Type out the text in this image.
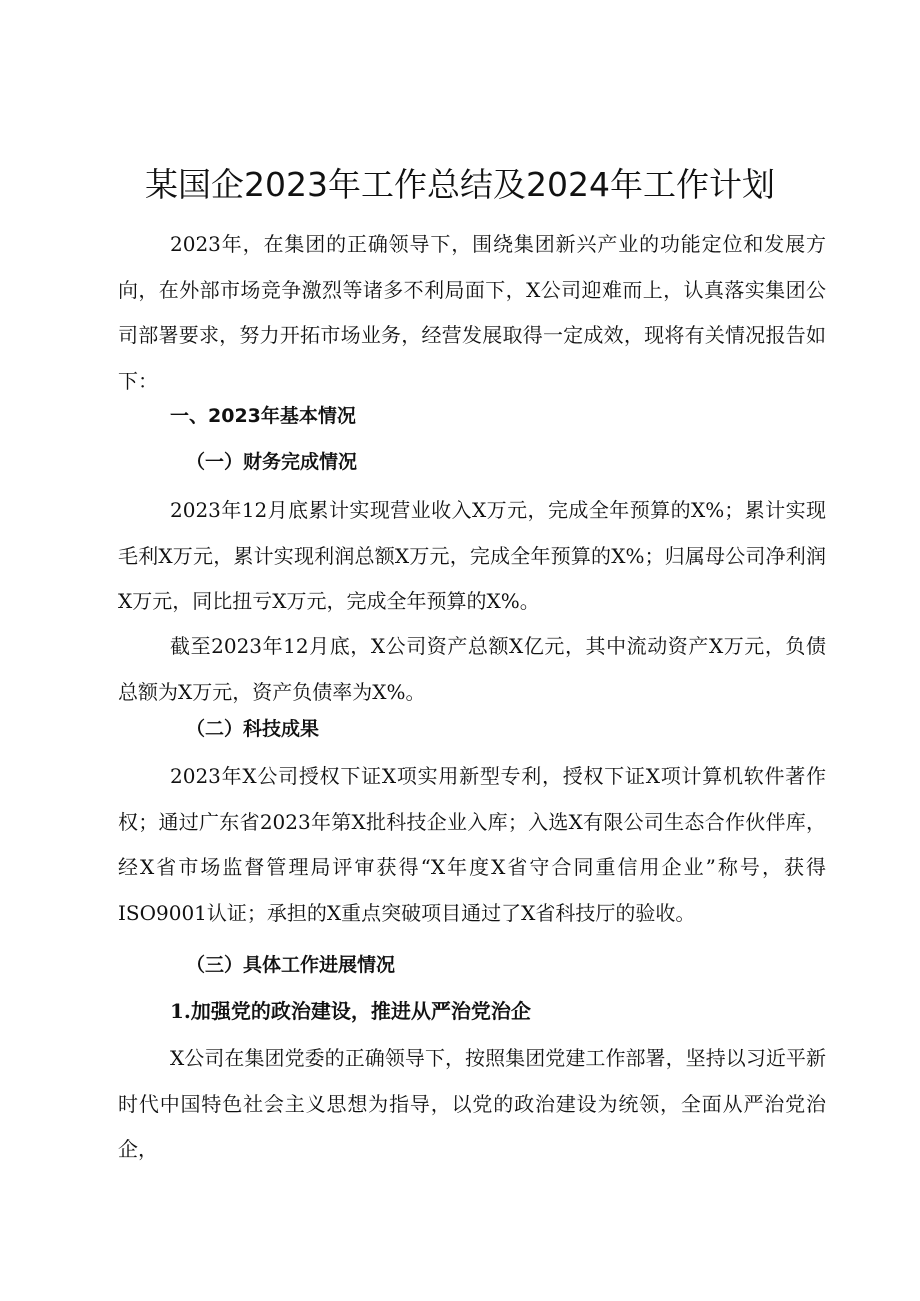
某国企2023年工作总结及2024年工作计划

2023年，在集团的正确领导下，围绕集团新兴产业的功能定位和发展方向，在外部市场竞争激烈等诸多不利局面下，X公司迎难而上，认真落实集团公司部署要求，努力开拓市场业务，经营发展取得一定成效，现将有关情况报告如下：

一、2023年基本情况
（一）财务完成情况

2023年12月底累计实现营业收入X万元，完成全年预算的X%；累计实现毛利X万元，累计实现利润总额X万元，完成全年预算的X%；归属母公司净利润X万元，同比扭亏X万元，完成全年预算的X%。

截至2023年12月底，X公司资产总额X亿元，其中流动资产X万元，负债总额为X万元，资产负债率为X%。

（二）科技成果

2023年X公司授权下证X项实用新型专利，授权下证X项计算机软件著作权；通过广东省2023年第X批科技企业入库；入选X有限公司生态合作伙伴库，经X省市场监督管理局评审获得“X年度X省守合同重信用企业”称号，获得ISO9001认证；承担的X重点突破项目通过了X省科技厅的验收。

（三）具体工作进展情况
1.加强党的政治建设，推进从严治党治企

X公司在集团党委的正确领导下，按照集团党建工作部署，坚持以习近平新时代中国特色社会主义思想为指导，以党的政治建设为统领，全面从严治党治企，
